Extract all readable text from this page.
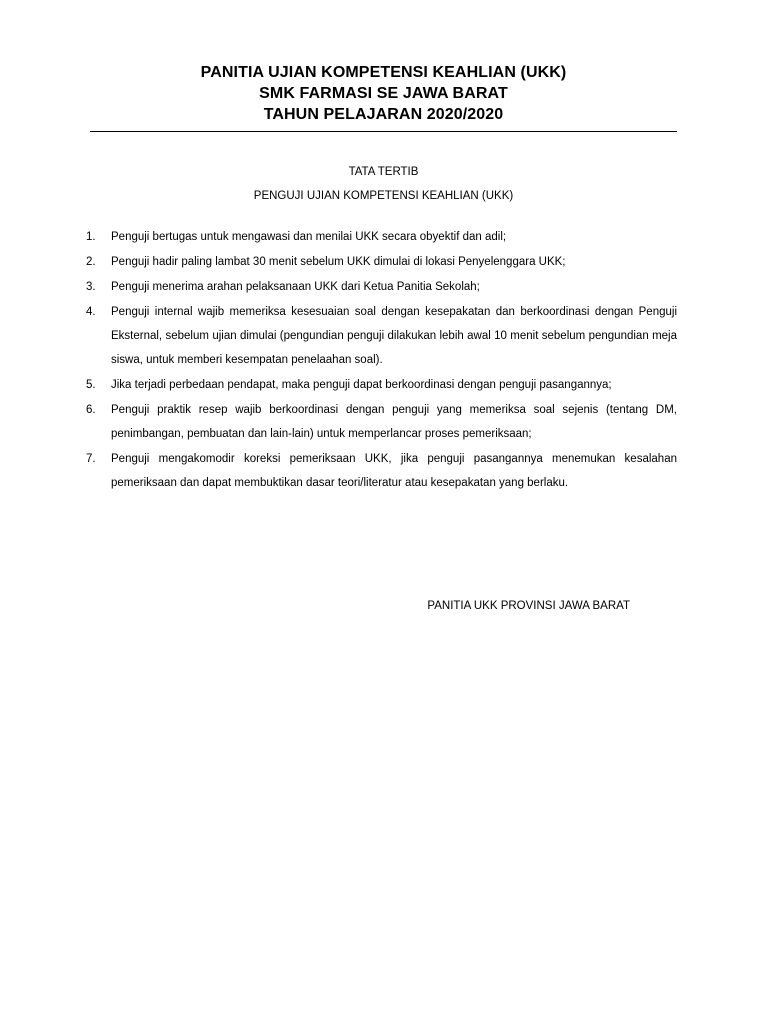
PANITIA UJIAN KOMPETENSI KEAHLIAN (UKK)
SMK FARMASI SE JAWA BARAT
TAHUN PELAJARAN 2020/2020
TATA TERTIB
PENGUJI UJIAN KOMPETENSI KEAHLIAN (UKK)
1.	Penguji bertugas untuk mengawasi dan menilai UKK secara obyektif dan adil;
2.	Penguji hadir paling lambat 30 menit sebelum UKK dimulai di lokasi Penyelenggara UKK;
3.	Penguji menerima arahan pelaksanaan UKK dari Ketua Panitia Sekolah;
4.	Penguji internal wajib memeriksa kesesuaian soal dengan kesepakatan dan berkoordinasi dengan Penguji Eksternal, sebelum ujian dimulai (pengundian penguji dilakukan lebih awal 10 menit sebelum pengundian meja siswa, untuk memberi kesempatan penelaahan soal).
5.	Jika terjadi perbedaan pendapat, maka penguji dapat berkoordinasi dengan penguji pasangannya;
6.	Penguji praktik resep wajib berkoordinasi dengan penguji yang memeriksa soal sejenis (tentang DM, penimbangan, pembuatan dan lain-lain) untuk memperlancar proses pemeriksaan;
7.	Penguji mengakomodir koreksi pemeriksaan UKK, jika penguji pasangannya menemukan kesalahan pemeriksaan dan dapat membuktikan dasar teori/literatur atau kesepakatan yang berlaku.
PANITIA UKK PROVINSI JAWA BARAT
